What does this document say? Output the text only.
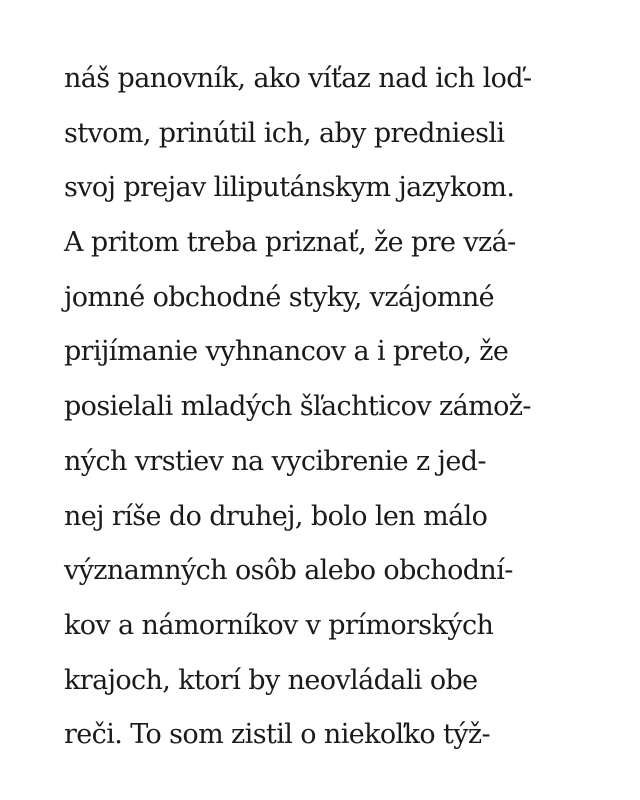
náš panovník, ako víťaz nad ich loď-
stvom, prinútil ich, aby predniesli
svoj prejav liliputánskym jazykom.
A pritom treba priznať, že pre vzá-
jomné obchodné styky, vzájomné
prijímanie vyhnancov a i preto, že
posielali mladých šľachticov zámož-
ných vrstiev na vycibrenie z jed-
nej ríše do druhej, bolo len málo
významných osôb alebo obchodní-
kov a námorníkov v prímorských
krajoch, ktorí by neovládali obe
reči. To som zistil o niekoľko týž-
